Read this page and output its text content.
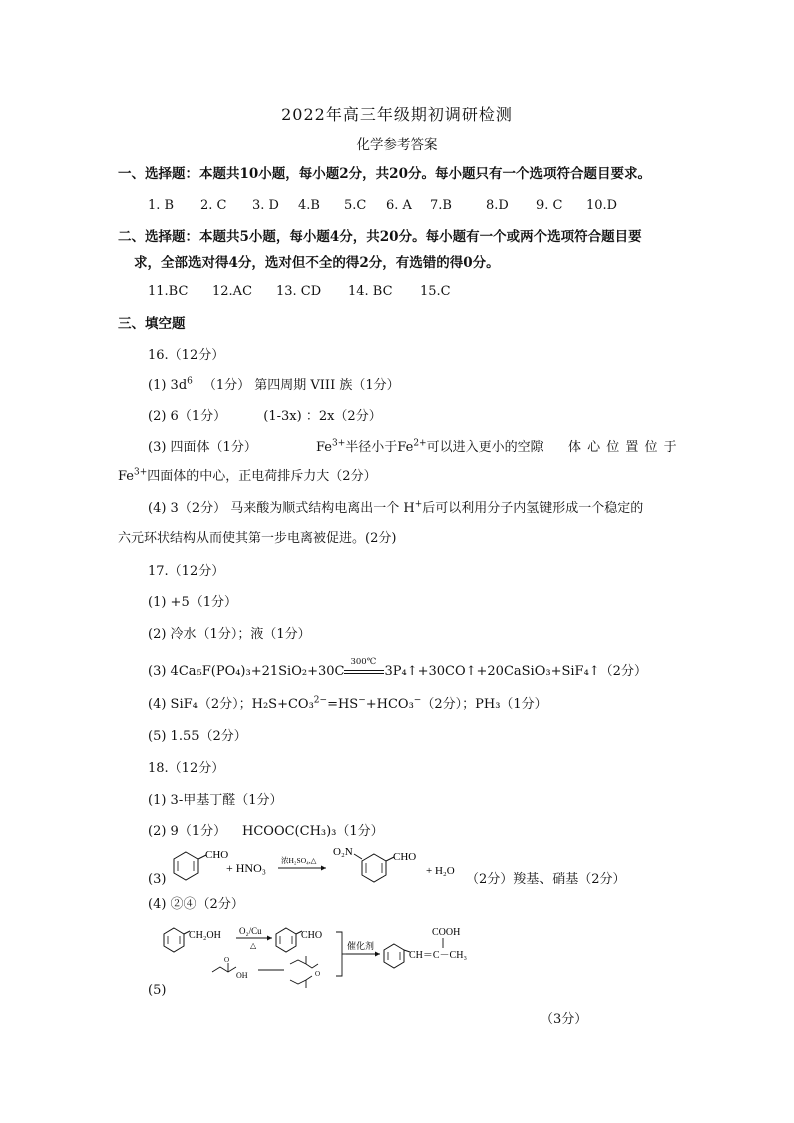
2022年高三年级期初调研检测
化学参考答案
一、选择题：本题共10小题，每小题2分，共20分。每小题只有一个选项符合题目要求。
1. B 2. C 3. D 4.B 5.C 6. A 7.B	8.D 9. C 10.D
二、选择题：本题共5小题，每小题4分，共20分。每小题有一个或两个选项符合题目要
求，全部选对得4分，选对但不全的得2分，有选错的得0分。
11.BC 12.AC 13. CD 14. BC 15.C
三、填空题
16.（12分）
(1) $3d^6$ （1分） 第四周期 VIII 族（1分）
(2) 6（1分）         (1-3x) ：2x（2分）
(3) 四面体（1分）	$Fe^{3+}$半径小于$Fe^{2+}$可以进入更小的空隙 体 心 位 置 位 于
$Fe^{3+}$四面体的中心，正电荷排斥力大（2分）
(4) 3（2分） 马来酸为顺式结构电离出一个 H+后可以利用分子内氢键形成一个稳定的
六元环状结构从而使其第一步电离被促进。(2分)
17.（12分）
(1) +5（1分）
(2) 冷水（1分）；液（1分）
(3) 4Ca₅F(PO₄)₃+21SiO₂+30C
300℃
3P₄↑+30CO↑+20CaSiO₃+SiF₄↑（2分）
(4) SiF₄（2分）；H₂S+CO₃$^{2-}$=HS−+HCO₃−（2分）；PH₃（1分）
(5) 1.55（2分）
18.（12分）
(1) 3-甲基丁醛（1分）
(2) 9（1分） HCOOC(CH₃)₃（1分）
(3)
CHO
+ HNO₃
浓H₂SO₄,△
O₂N	CHO
+ H₂O
（2分）羧基、硝基（2分）
(4) ②④（2分）
(5)
CH₂OH O₂/Cu
△
CHO
O
OH	O
催化剂
CH＝C－CH₃
COOH
（3分）
